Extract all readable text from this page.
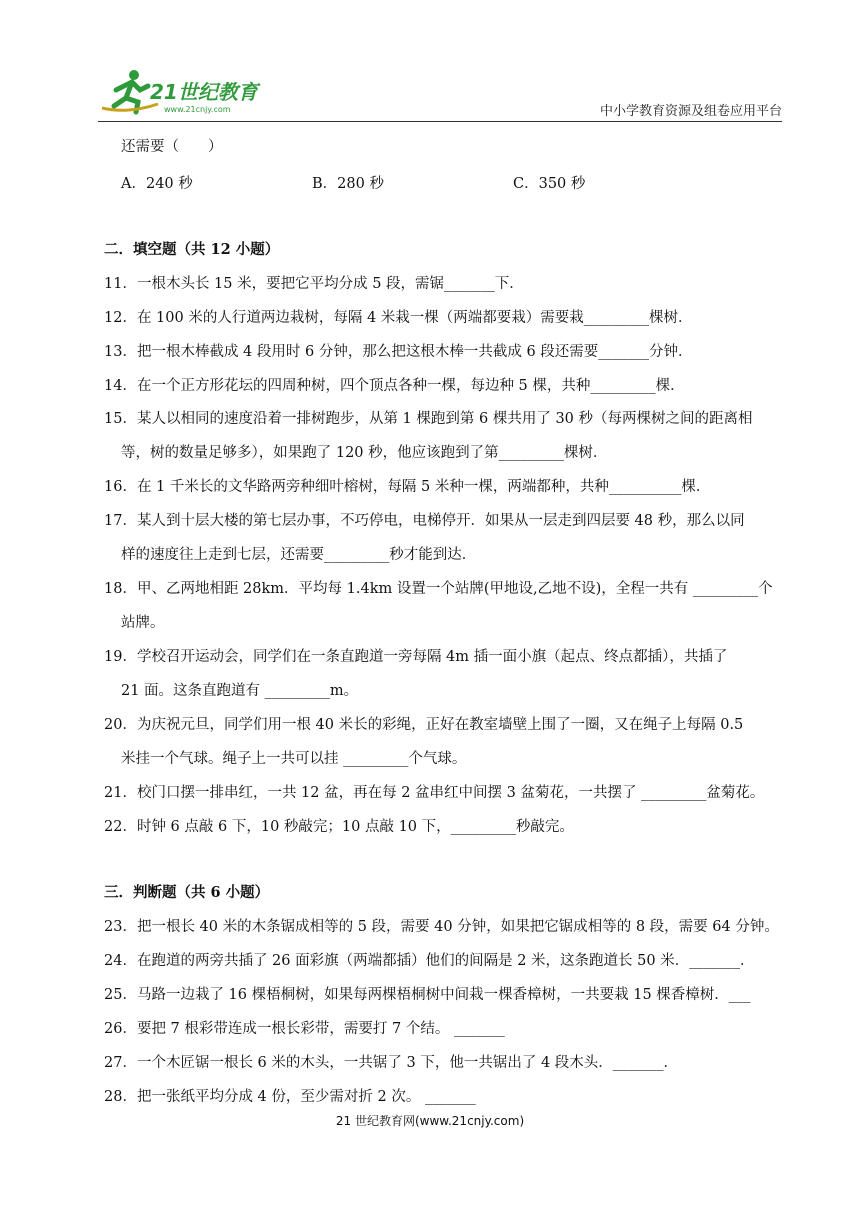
21世纪教育
www.21cnjy.com	中小学教育资源及组卷应用平台
还需要（　　）
A．240 秒	B．280 秒	C．350 秒
二．填空题（共 12 小题）
11．一根木头长 15 米，要把它平均分成 5 段，需锯_______下．
12．在 100 米的人行道两边栽树，每隔 4 米栽一棵（两端都要栽）需要栽_________棵树．
13．把一根木棒截成 4 段用时 6 分钟，那么把这根木棒一共截成 6 段还需要_______分钟．
14．在一个正方形花坛的四周种树，四个顶点各种一棵，每边种 5 棵，共种_________棵．
15．某人以相同的速度沿着一排树跑步，从第 1 棵跑到第 6 棵共用了 30 秒（每两棵树之间的距离相
等，树的数量足够多），如果跑了 120 秒，他应该跑到了第_________棵树．
16．在 1 千米长的文华路两旁种细叶榕树，每隔 5 米种一棵，两端都种，共种__________棵．
17．某人到十层大楼的第七层办事，不巧停电，电梯停开．如果从一层走到四层要 48 秒，那么以同
样的速度往上走到七层，还需要_________秒才能到达．
18．甲、乙两地相距 28km．平均每 1.4km 设置一个站牌(甲地设,乙地不设)，全程一共有 _________个
站牌。
19．学校召开运动会，同学们在一条直跑道一旁每隔 4m 插一面小旗（起点、终点都插），共插了
21 面。这条直跑道有 _________m。
20．为庆祝元旦，同学们用一根 40 米长的彩绳，正好在教室墙壁上围了一圈，又在绳子上每隔 0.5
米挂一个气球。绳子上一共可以挂 _________个气球。
21．校门口摆一排串红，一共 12 盆，再在每 2 盆串红中间摆 3 盆菊花，一共摆了 _________盆菊花。
22．时钟 6 点敲 6 下，10 秒敲完；10 点敲 10 下，_________秒敲完。
三．判断题（共 6 小题）
23．把一根长 40 米的木条锯成相等的 5 段，需要 40 分钟，如果把它锯成相等的 8 段，需要 64 分钟。
24．在跑道的两旁共插了 26 面彩旗（两端都插）他们的间隔是 2 米，这条跑道长 50 米．_______．
25．马路一边栽了 16 棵梧桐树，如果每两棵梧桐树中间栽一棵香樟树，一共要栽 15 棵香樟树．___
26．要把 7 根彩带连成一根长彩带，需要打 7 个结。 _______
27．一个木匠锯一根长 6 米的木头，一共锯了 3 下，他一共锯出了 4 段木头．_______．
28．把一张纸平均分成 4 份，至少需对折 2 次。 _______
21 世纪教育网(www.21cnjy.com)
